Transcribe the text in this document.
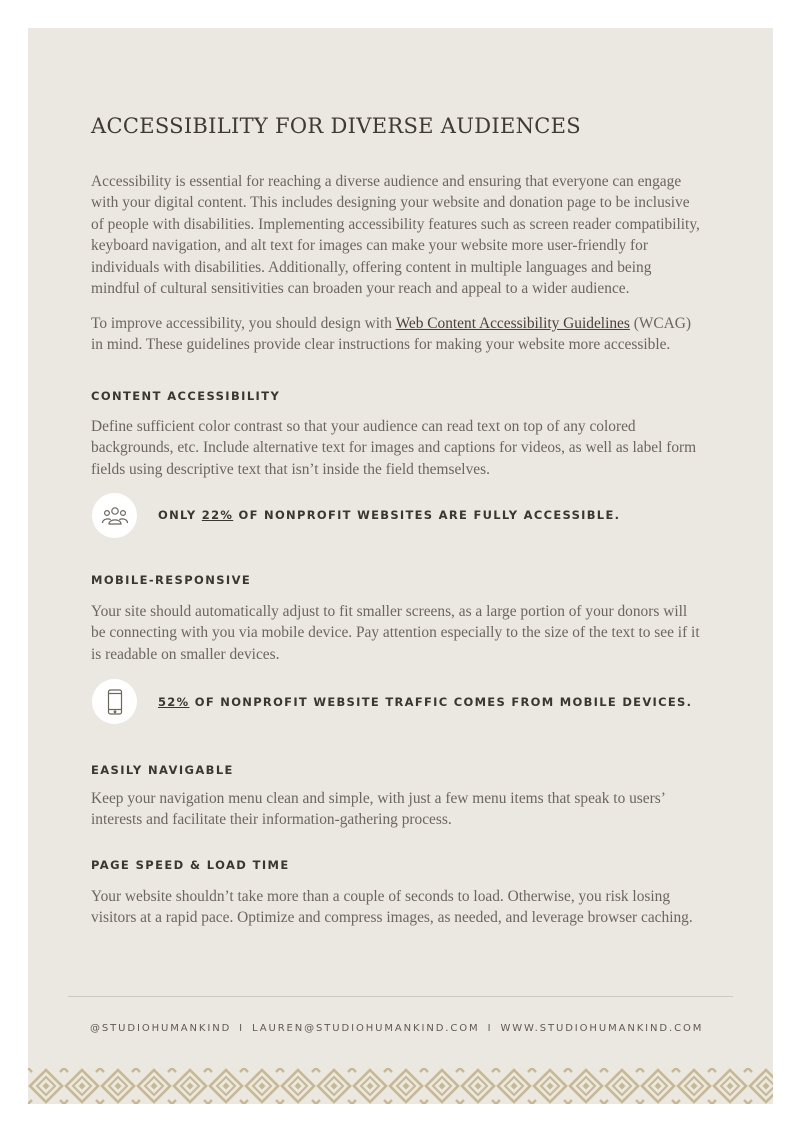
ACCESSIBILITY FOR DIVERSE AUDIENCES

Accessibility is essential for reaching a diverse audience and ensuring that everyone can engage with your digital content. This includes designing your website and donation page to be inclusive of people with disabilities. Implementing accessibility features such as screen reader compatibility, keyboard navigation, and alt text for images can make your website more user-friendly for individuals with disabilities. Additionally, offering content in multiple languages and being mindful of cultural sensitivities can broaden your reach and appeal to a wider audience.

To improve accessibility, you should design with Web Content Accessibility Guidelines (WCAG) in mind. These guidelines provide clear instructions for making your website more accessible.

CONTENT ACCESSIBILITY

Define sufficient color contrast so that your audience can read text on top of any colored backgrounds, etc. Include alternative text for images and captions for videos, as well as label form fields using descriptive text that isn’t inside the field themselves.

ONLY 22% OF NONPROFIT WEBSITES ARE FULLY ACCESSIBLE.
MOBILE-RESPONSIVE

Your site should automatically adjust to fit smaller screens, as a large portion of your donors will be connecting with you via mobile device. Pay attention especially to the size of the text to see if it is readable on smaller devices.

52% OF NONPROFIT WEBSITE TRAFFIC COMES FROM MOBILE DEVICES.
EASILY NAVIGABLE

Keep your navigation menu clean and simple, with just a few menu items that speak to users’ interests and facilitate their information-gathering process.

PAGE SPEED & LOAD TIME

Your website shouldn’t take more than a couple of seconds to load. Otherwise, you risk losing visitors at a rapid pace. Optimize and compress images, as needed, and leverage browser caching.

@STUDIOHUMANKIND I LAUREN@STUDIOHUMANKIND.COM I WWW.STUDIOHUMANKIND.COM
